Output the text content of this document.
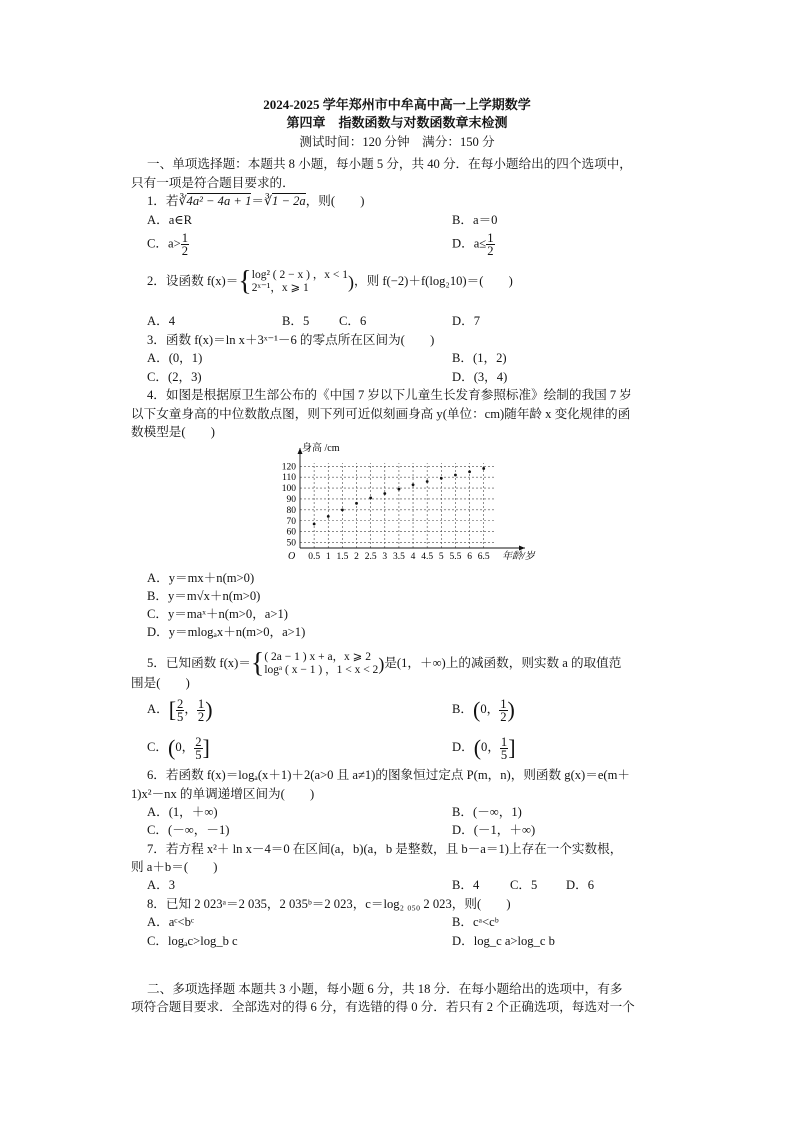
2024-2025 学年郑州市中牟高中高一上学期数学
第四章　指数函数与对数函数章末检测
测试时间：120 分钟　满分：150 分
一、单项选择题：本题共 8 小题，每小题 5 分，共 40 分．在每小题给出的四个选项中，
只有一项是符合题目要求的．
1．若∛4a² − 4a + 1＝∛1 − 2a，则(　　)
A．a∈R	B．a＝0
C．$a> \frac{1}{2}$	D．$a\le \frac{1}{2}$
2．设函数 f(x)＝{ log² ( 2 − x ) ，x < 1
2ˣ⁻¹，x ⩾ 1	)，则 f(−2)＋f(log₂10)＝(　　)
A．4	B．5 C．6	D．7
3．函数 f(x)＝ln x＋3ˣ⁻¹－6 的零点所在区间为(　　)
A．(0，1)	B．(1，2)
C．(2，3)	D．(3，4)
4．如图是根据原卫生部公布的《中国 7 岁以下儿童生长发育参照标准》绘制的我国 7 岁
以下女童身高的中位数散点图，则下列可近似刻画身高 y(单位：cm)随年龄 x 变化规律的函
数模型是(　　)
0.5 1 1.5 2 2.5 3 3.5 4 4.5 5 5.5 6 6.5
50
60
70
80
90
100
110
120
身高 /cm
年龄/岁
O
A．y＝mx＋n(m>0)
B．y＝m√x＋n(m>0)
C．y＝maˣ＋n(m>0，a>1)
D．y＝mlogₐx＋n(m>0，a>1)
5．已知函数 f(x)＝{ ( 2a − 1 ) x + a，x ⩾ 2
logᵃ ( x − 1 ) ，1 < x < 2 )是(1，＋∞)上的减函数，则实数 a 的取值范
围是(　　)
A．[ $\frac{2}{5}$ ， $\frac{1}{2}$ )	B．(0， $\frac{1}{2}$ )
C．(0， $\frac{2}{5}$ ]	D．(0， $\frac{1}{5}$ ]
6．若函数 f(x)＝logₐ(x＋1)＋2(a>0 且 a≠1)的图象恒过定点 P(m，n)，则函数 g(x)＝e(m＋
1)x²－nx 的单调递增区间为(　　)
A．(1，＋∞)	B．(－∞，1)
C．(－∞，－1)	D．(－1，＋∞)
7．若方程 x²＋ ln x－4＝0 在区间(a，b)(a，b 是整数，且 b－a＝1)上存在一个实数根，
则 a＋b＝(　　)
A．3	B．4 C．5 D．6
8．已知 2 023ᵃ＝2 035，2 035ᵇ＝2 023，c＝log₂ ₀₅₀ 2 023，则(　　)
A．aᶜ<bᶜ	B．cᵃ<cᵇ
C．logₐc>log_b c	D．log_c a>log_c b
二、多项选择题 本题共 3 小题，每小题 6 分，共 18 分．在每小题给出的选项中，有多
项符合题目要求．全部选对的得 6 分，有选错的得 0 分．若只有 2 个正确选项，每选对一个
